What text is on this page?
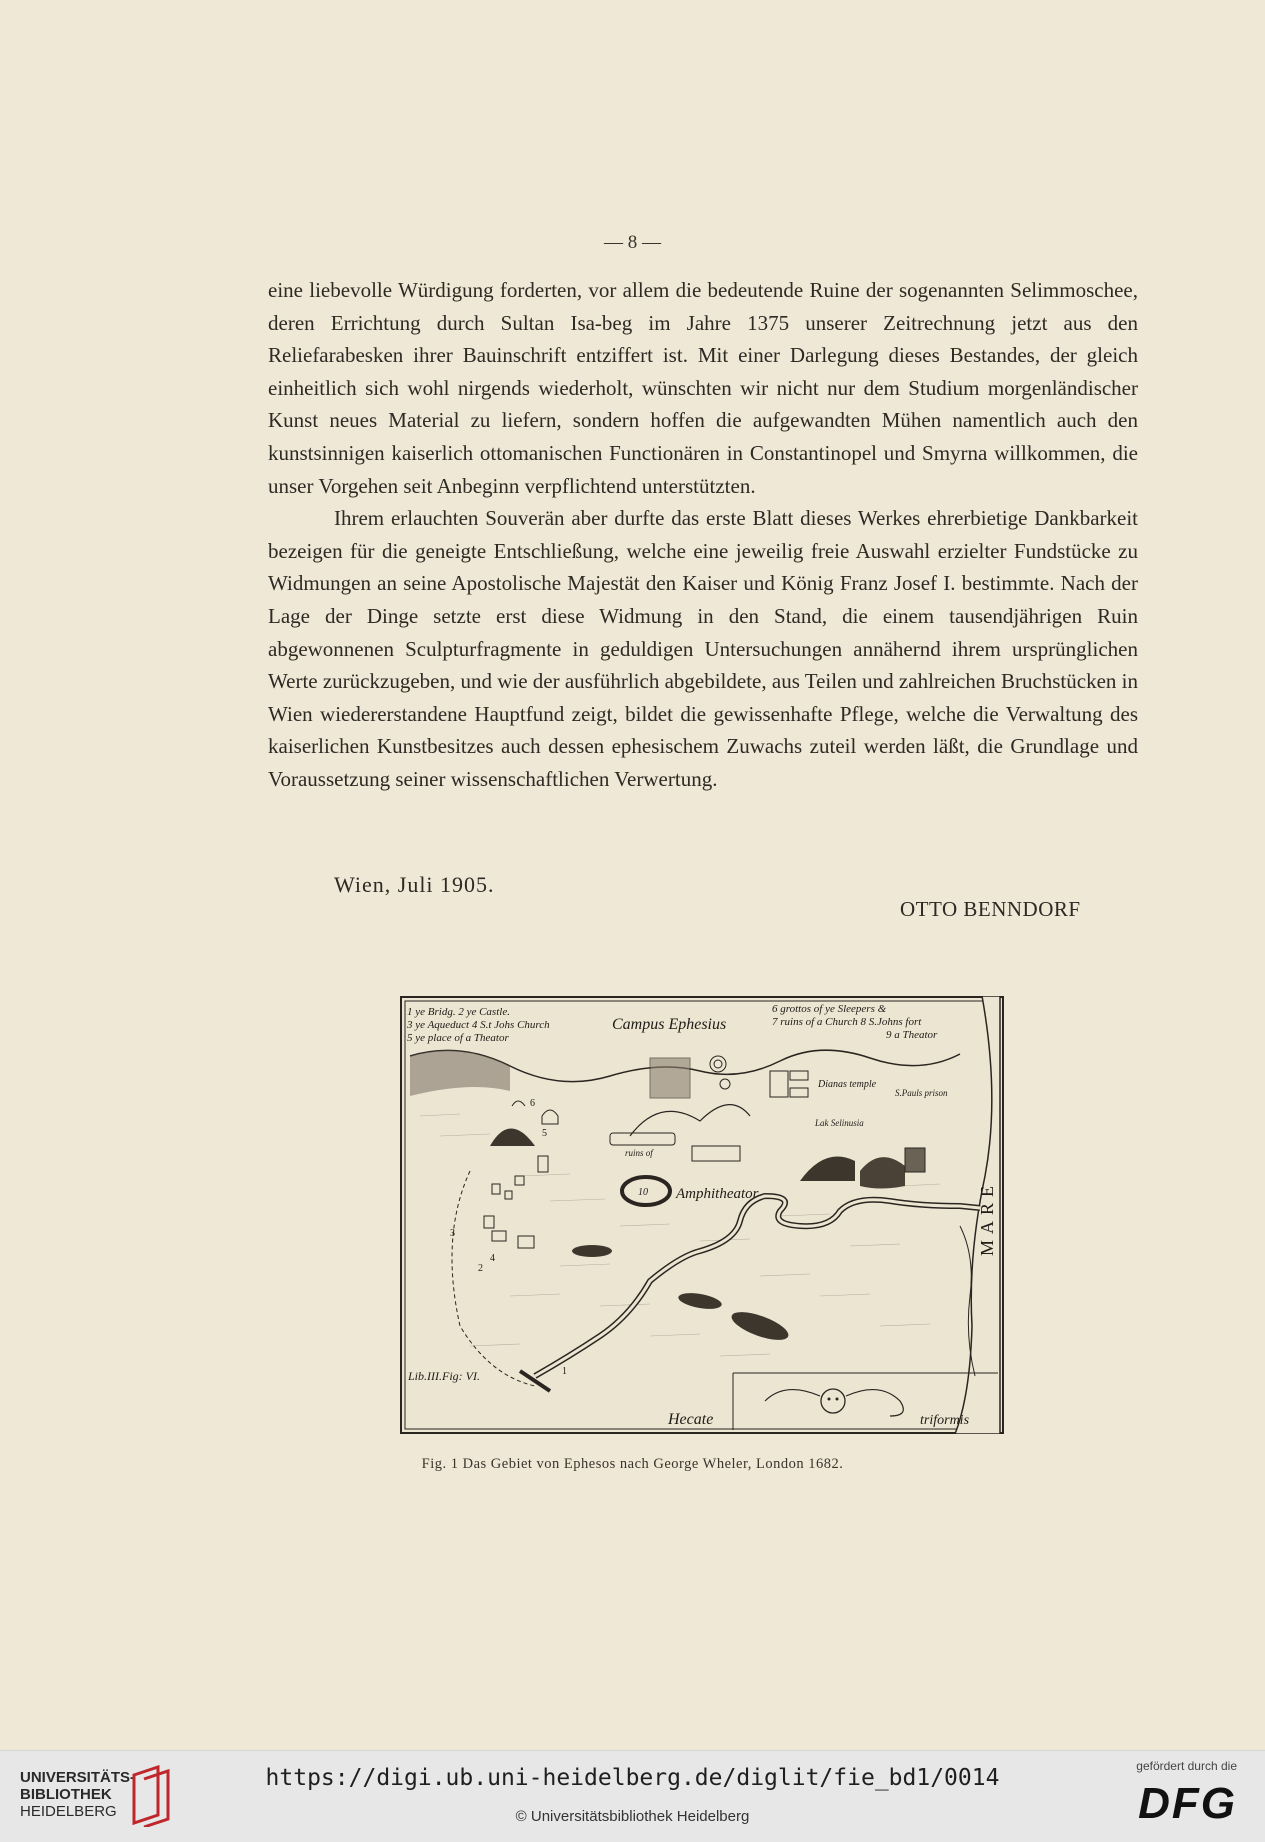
— 8 —

eine liebevolle Würdigung forderten, vor allem die bedeutende Ruine der sogenannten Selimmoschee, deren Errichtung durch Sultan Isa-beg im Jahre 1375 unserer Zeitrechnung jetzt aus den Reliefarabesken ihrer Bauinschrift entziffert ist. Mit einer Darlegung dieses Bestandes, der gleich einheitlich sich wohl nirgends wiederholt, wünschten wir nicht nur dem Studium morgenländischer Kunst neues Material zu liefern, sondern hoffen die aufgewandten Mühen namentlich auch den kunstsinnigen kaiserlich ottomanischen Functionären in Constantinopel und Smyrna willkommen, die unser Vorgehen seit Anbeginn verpflichtend unterstützten.

Ihrem erlauchten Souverän aber durfte das erste Blatt dieses Werkes ehrerbietige Dankbarkeit bezeigen für die geneigte Entschließung, welche eine jeweilig freie Auswahl erzielter Fundstücke zu Widmungen an seine Apostolische Majestät den Kaiser und König Franz Josef I. bestimmte. Nach der Lage der Dinge setzte erst diese Widmung in den Stand, die einem tausendjährigen Ruin abgewonnenen Sculpturfragmente in geduldigen Untersuchungen annähernd ihrem ursprünglichen Werte zurückzugeben, und wie der ausführlich abgebildete, aus Teilen und zahlreichen Bruchstücken in Wien wiedererstandene Hauptfund zeigt, bildet die gewissenhafte Pflege, welche die Verwaltung des kaiserlichen Kunstbesitzes auch dessen ephesischem Zuwachs zuteil werden läßt, die Grundlage und Voraussetzung seiner wissenschaftlichen Verwertung.

Wien, Juli 1905.
OTTO BENNDORF
1 ye Bridg. 2 ye Castle.
3 ye Aqueduct 4 S.t Johs Church
5 ye place of a Theator
Campus Ephesius
6 grottos of ye Sleepers &
7 ruins of a Church 8 S.Johns fort
9 a Theator
Dianas temple
S.Pauls prison
Lak Selinusia
ruins of
Amphitheator
10
Lib.III.Fig: VI.
Hecate	triformis
MARE
1
2
3
4
5
6
Fig. 1 Das Gebiet von Ephesos nach George Wheler, London 1682.
UNIVERSITÄTS-
BIBLIOTHEK
HEIDELBERG
https://digi.ub.uni-heidelberg.de/diglit/fie_bd1/0014
© Universitätsbibliothek Heidelberg
gefördert durch die
DFG
